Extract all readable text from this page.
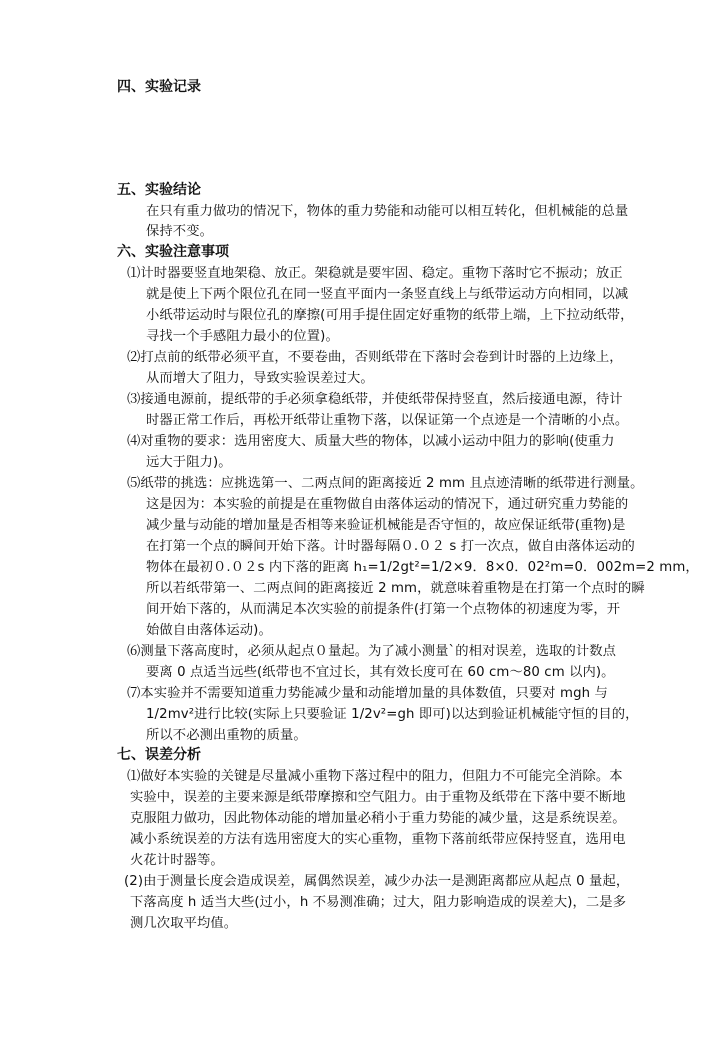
四、实验记录
五、实验结论
在只有重力做功的情况下，物体的重力势能和动能可以相互转化，但机械能的总量
保持不变。
六、实验注意事项
⑴计时器要竖直地架稳、放正。架稳就是要牢固、稳定。重物下落时它不振动；放正
就是使上下两个限位孔在同一竖直平面内一条竖直线上与纸带运动方向相同，以减
小纸带运动时与限位孔的摩擦(可用手提住固定好重物的纸带上端，上下拉动纸带，
寻找一个手感阻力最小的位置)。
⑵打点前的纸带必须平直，不要卷曲，否则纸带在下落时会卷到计时器的上边缘上，
从而增大了阻力，导致实验误差过大。
⑶接通电源前，提纸带的手必须拿稳纸带，并使纸带保持竖直，然后接通电源，待计
时器正常工作后，再松开纸带让重物下落，以保证第一个点迹是一个清晰的小点。
⑷对重物的要求：选用密度大、质量大些的物体，以减小运动中阻力的影响(使重力
远大于阻力)。
⑸纸带的挑选：应挑选第一、二两点间的距离接近 2 mm 且点迹清晰的纸带进行测量。
这是因为：本实验的前提是在重物做自由落体运动的情况下，通过研究重力势能的
减少量与动能的增加量是否相等来验证机械能是否守恒的，故应保证纸带(重物)是
在打第一个点的瞬间开始下落。计时器每隔０.０２ s 打一次点，做自由落体运动的
物体在最初０.０２s 内下落的距离 h₁=1/2gt²=1/2×9．8×0．02²m=0．002m=2 mm，
所以若纸带第一、二两点间的距离接近 2 mm，就意味着重物是在打第一个点时的瞬
间开始下落的，从而满足本次实验的前提条件(打第一个点物体的初速度为零，开
始做自由落体运动)。
⑹测量下落高度时，必须从起点０量起。为了减小测量`的相对误差，选取的计数点
要离 0 点适当远些(纸带也不宜过长，其有效长度可在 60 cm～80 cm 以内)。
⑺本实验并不需要知道重力势能减少量和动能增加量的具体数值，只要对 mgh 与
1/2mv²进行比较(实际上只要验证 1/2v²=gh 即可)以达到验证机械能守恒的目的，
所以不必测出重物的质量。
七、误差分析
⑴做好本实验的关键是尽量减小重物下落过程中的阻力，但阻力不可能完全消除。本
实验中，误差的主要来源是纸带摩擦和空气阻力。由于重物及纸带在下落中要不断地
克服阻力做功，因此物体动能的增加量必稍小于重力势能的减少量，这是系统误差。
减小系统误差的方法有选用密度大的实心重物，重物下落前纸带应保持竖直，选用电
火花计时器等。
(2)由于测量长度会造成误差，属偶然误差，减少办法一是测距离都应从起点 0 量起，
下落高度 h 适当大些(过小，h 不易测准确；过大，阻力影响造成的误差大)，二是多
测几次取平均值。
